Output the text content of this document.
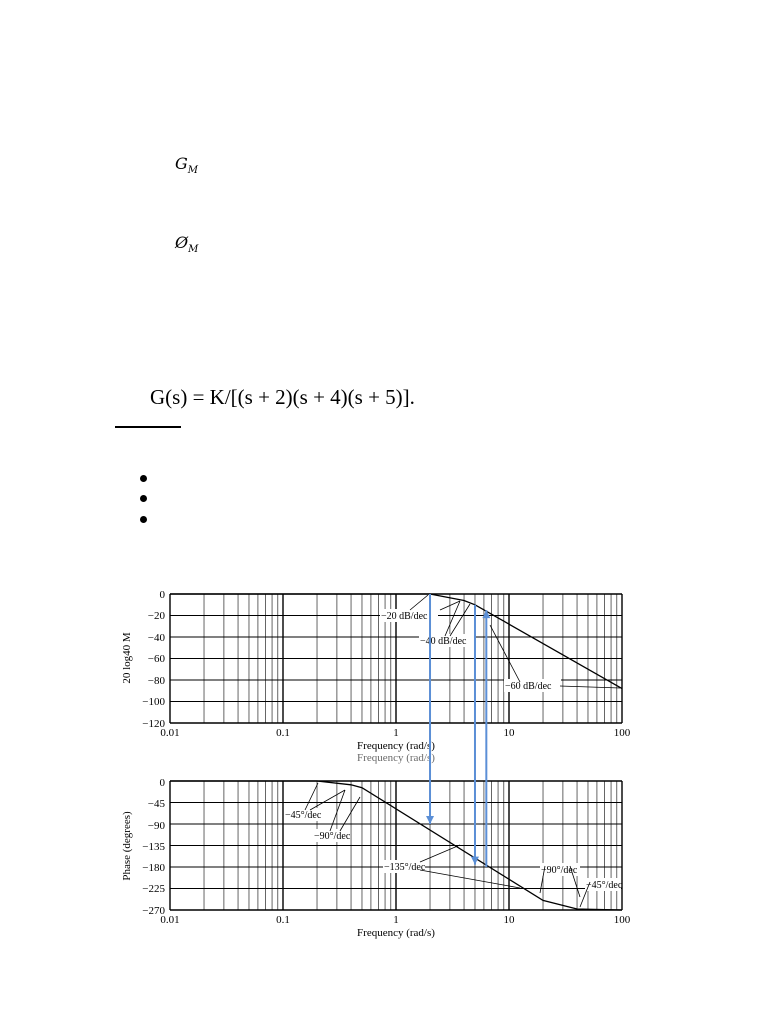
$G_M$
$Ø_M$
G(s) = K/[(s + 2)(s + 4)(s + 5)].
0
−20
−40
−60
−80
−100
−120
0.01	0.1	1	10	100
Frequency (rad/s)
Frequency (rad/s)
20 log40 M
0
−45
−90
−135
−180
−225
−270
0.01	0.1	1	10	100
Frequency (rad/s)
Phase (degrees)
−20 dB/dec
−40 dB/dec
−60 dB/dec
−45°/dec
−90°/dec
−135°/dec	−90°/dec
−45°/dec
